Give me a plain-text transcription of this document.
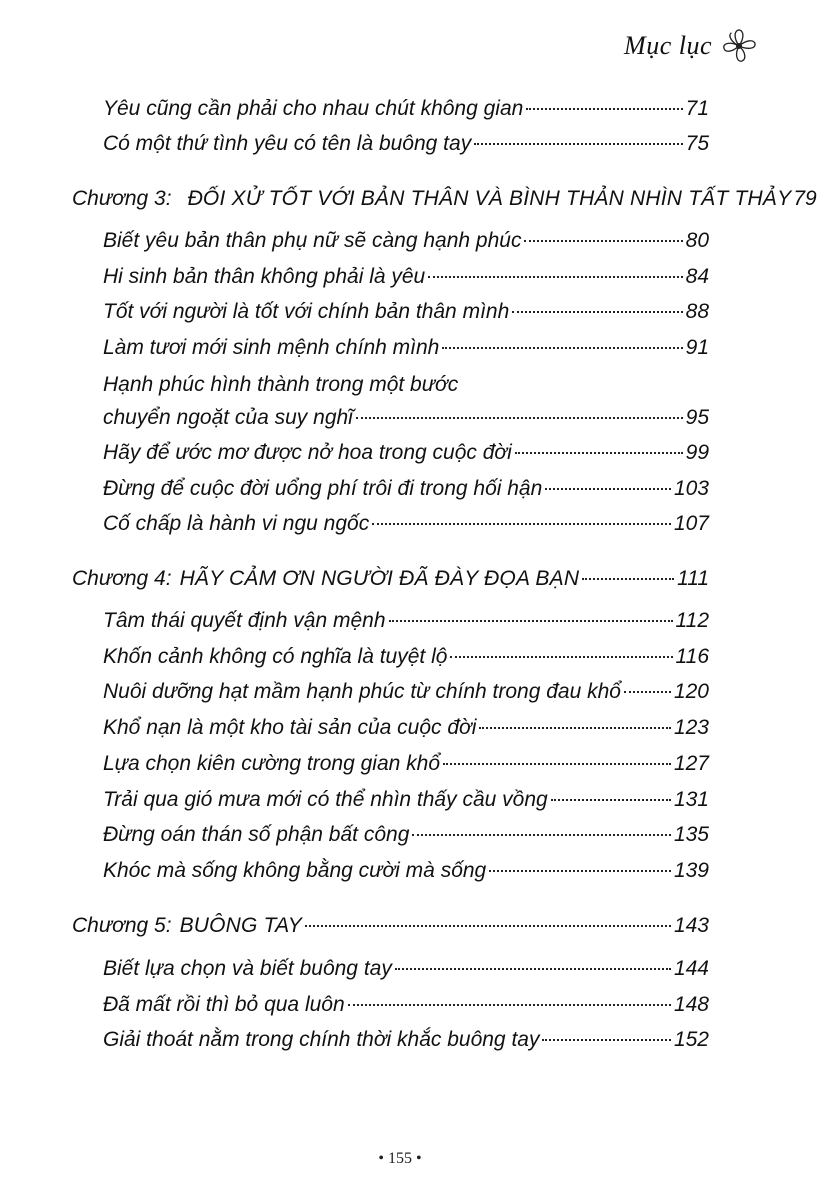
Mục lục
Yêu cũng cần phải cho nhau chút không gian	71
Có một thứ tình yêu có tên là buông tay	75
Chương 3: ĐỐI XỬ TỐT VỚI BẢN THÂN VÀ BÌNH THẢN NHÌN TẤT THẢY 79
Biết yêu bản thân phụ nữ sẽ càng hạnh phúc	80
Hi sinh bản thân không phải là yêu	84
Tốt với người là tốt với chính bản thân mình	88
Làm tươi mới sinh mệnh chính mình	91
Hạnh phúc hình thành trong một bước
chuyển ngoặt của suy nghĩ	95
Hãy để ước mơ được nở hoa trong cuộc đời	99
Đừng để cuộc đời uổng phí trôi đi trong hối hận	103
Cố chấp là hành vi ngu ngốc	107
Chương 4: HÃY CẢM ƠN NGƯỜI ĐÃ ĐÀY ĐỌA BẠN	111
Tâm thái quyết định vận mệnh	112
Khốn cảnh không có nghĩa là tuyệt lộ	116
Nuôi dưỡng hạt mầm hạnh phúc từ chính trong đau khổ	120
Khổ nạn là một kho tài sản của cuộc đời	123
Lựa chọn kiên cường trong gian khổ	127
Trải qua gió mưa mới có thể nhìn thấy cầu vồng	131
Đừng oán thán số phận bất công	135
Khóc mà sống không bằng cười mà sống	139
Chương 5: BUÔNG TAY	143
Biết lựa chọn và biết buông tay	144
Đã mất rồi thì bỏ qua luôn	148
Giải thoát nằm trong chính thời khắc buông tay	152
• 155 •
